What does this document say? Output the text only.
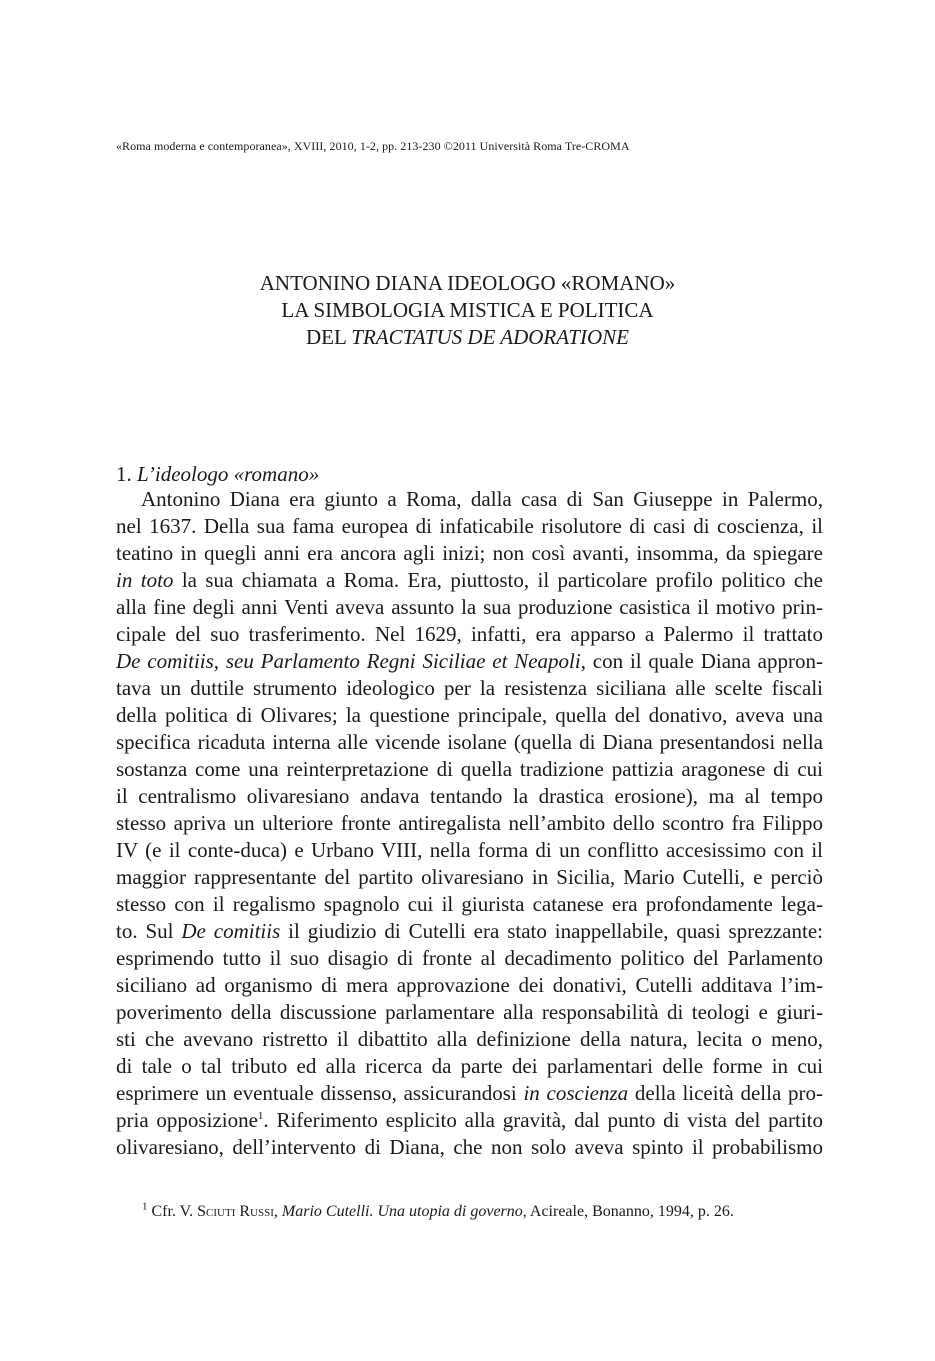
«Roma moderna e contemporanea», XVIII, 2010, 1-2, pp. 213-230 ©2011 Università Roma Tre-CROMA
ANTONINO DIANA IDEOLOGO «ROMANO»
LA SIMBOLOGIA MISTICA E POLITICA
DEL TRACTATUS DE ADORATIONE
1. L’ideologo «romano»
Antonino Diana era giunto a Roma, dalla casa di San Giuseppe in Palermo,
nel 1637. Della sua fama europea di infaticabile risolutore di casi di coscienza, il
teatino in quegli anni era ancora agli inizi; non così avanti, insomma, da spiegare
in toto la sua chiamata a Roma. Era, piuttosto, il particolare profilo politico che
alla fine degli anni Venti aveva assunto la sua produzione casistica il motivo prin-
cipale del suo trasferimento. Nel 1629, infatti, era apparso a Palermo il trattato
De comitiis, seu Parlamento Regni Siciliae et Neapoli, con il quale Diana appron-
tava un duttile strumento ideologico per la resistenza siciliana alle scelte fiscali
della politica di Olivares; la questione principale, quella del donativo, aveva una
specifica ricaduta interna alle vicende isolane (quella di Diana presentandosi nella
sostanza come una reinterpretazione di quella tradizione pattizia aragonese di cui
il centralismo olivaresiano andava tentando la drastica erosione), ma al tempo
stesso apriva un ulteriore fronte antiregalista nell’ambito dello scontro fra Filippo
IV (e il conte-duca) e Urbano VIII, nella forma di un conflitto accesissimo con il
maggior rappresentante del partito olivaresiano in Sicilia, Mario Cutelli, e perciò
stesso con il regalismo spagnolo cui il giurista catanese era profondamente lega-
to. Sul De comitiis il giudizio di Cutelli era stato inappellabile, quasi sprezzante:
esprimendo tutto il suo disagio di fronte al decadimento politico del Parlamento
siciliano ad organismo di mera approvazione dei donativi, Cutelli additava l’im-
poverimento della discussione parlamentare alla responsabilità di teologi e giuri-
sti che avevano ristretto il dibattito alla definizione della natura, lecita o meno,
di tale o tal tributo ed alla ricerca da parte dei parlamentari delle forme in cui
esprimere un eventuale dissenso, assicurandosi in coscienza della liceità della pro-
pria opposizione$^1$. Riferimento esplicito alla gravità, dal punto di vista del partito
olivaresiano, dell’intervento di Diana, che non solo aveva spinto il probabilismo
$^1$ Cfr. V. Sciuti Russi, Mario Cutelli. Una utopia di governo, Acireale, Bonanno, 1994, p. 26.
